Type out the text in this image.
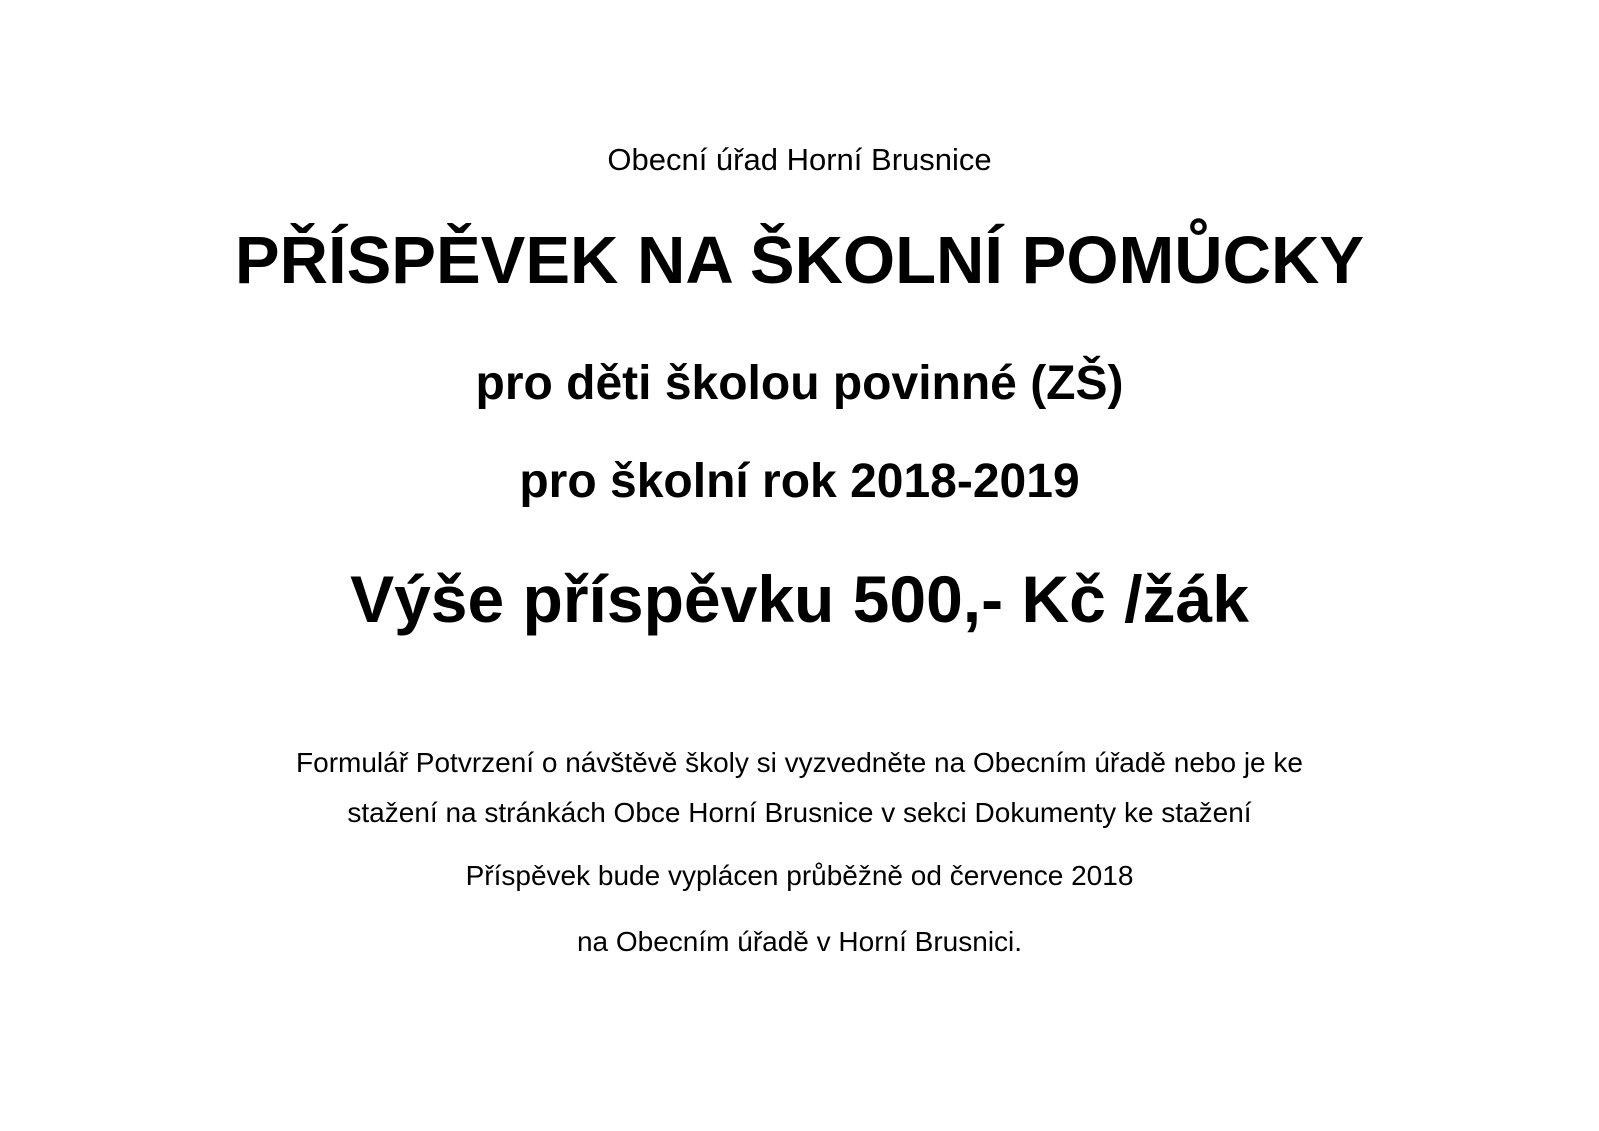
Obecní úřad Horní Brusnice
PŘÍSPĚVEK NA ŠKOLNÍ POMŮCKY
pro děti školou povinné (ZŠ)
pro školní rok 2018-2019
Výše příspěvku 500,- Kč /žák
Formulář Potvrzení o návštěvě školy si vyzvedněte na Obecním úřadě nebo je ke
stažení na stránkách Obce Horní Brusnice v sekci Dokumenty ke stažení
Příspěvek bude vyplácen průběžně od července 2018
na Obecním úřadě v Horní Brusnici.
